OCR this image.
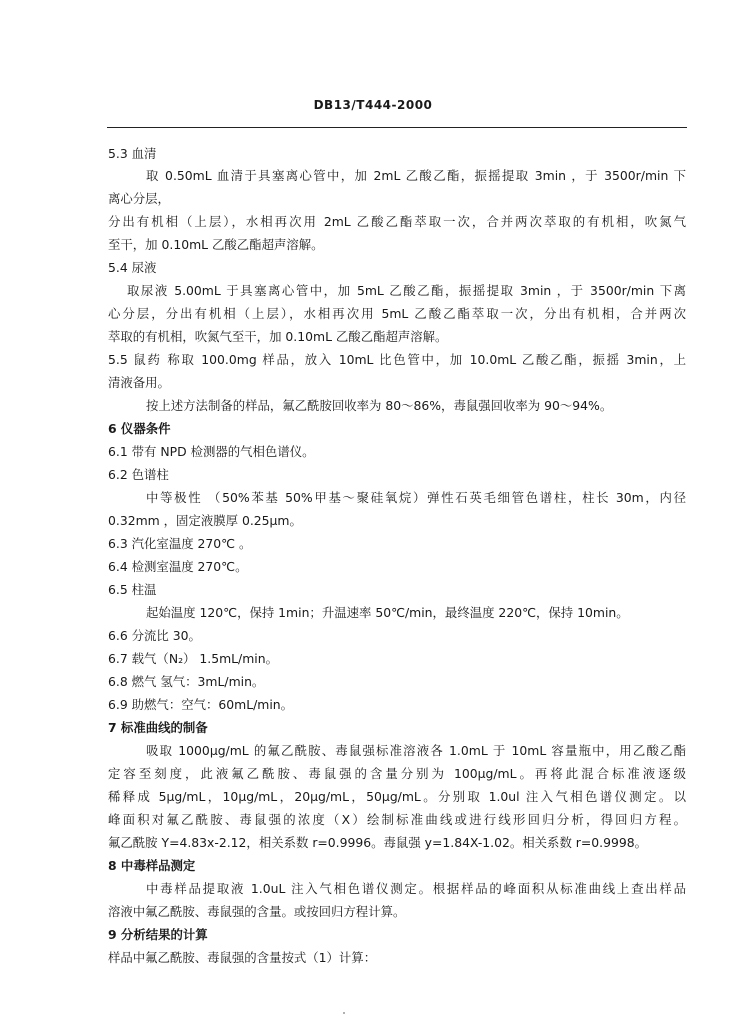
DB13/T444-2000
5.3 血清
取 0.50mL 血清于具塞离心管中，加 2mL 乙酸乙酯，振摇提取 3min ，于 3500r/min 下
离心分层，
分出有机相（上层），水相再次用 2mL 乙酸乙酯萃取一次，合并两次萃取的有机相，吹氮气
至干，加 0.10mL 乙酸乙酯超声溶解。
5.4 尿液
取尿液 5.00mL 于具塞离心管中，加 5mL 乙酸乙酯，振摇提取 3min ，于 3500r/min 下离
心分层，分出有机相（上层），水相再次用 5mL 乙酸乙酯萃取一次，分出有机相，合并两次
萃取的有机相，吹氮气至干，加 0.10mL 乙酸乙酯超声溶解。
5.5 鼠药 称取 100.0mg 样品，放入 10mL 比色管中，加 10.0mL 乙酸乙酯，振摇 3min，上
清液备用。
按上述方法制备的样品，氟乙酰胺回收率为 80～86%，毒鼠强回收率为 90～94%。
6 仪器条件
6.1 带有 NPD 检测器的气相色谱仪。
6.2 色谱柱
中等极性 （50%苯基 50%甲基～聚硅氧烷）弹性石英毛细管色谱柱，柱长 30m，内径
0.32mm ，固定液膜厚 0.25μm。
6.3 汽化室温度 270℃ 。
6.4 检测室温度 270℃。
6.5 柱温
起始温度 120℃，保持 1min；升温速率 50℃/min，最终温度 220℃，保持 10min。
6.6 分流比 30。
6.7 载气（N₂） 1.5mL/min。
6.8 燃气 氢气：3mL/min。
6.9 助燃气：空气：60mL/min。
7 标准曲线的制备
吸取 1000μg/mL 的氟乙酰胺、毒鼠强标准溶液各 1.0mL 于 10mL 容量瓶中，用乙酸乙酯
定容至刻度，此液氟乙酰胺、毒鼠强的含量分别为 100μg/mL。再将此混合标准液逐级
稀释成 5μg/mL，10μg/mL，20μg/mL，50μg/mL。分别取 1.0ul 注入气相色谱仪测定。以
峰面积对氟乙酰胺、毒鼠强的浓度（X）绘制标准曲线或进行线形回归分析，得回归方程。
氟乙酰胺 Y=4.83x-2.12，相关系数 r=0.9996。毒鼠强 y=1.84X-1.02。相关系数 r=0.9998。
8 中毒样品测定
中毒样品提取液 1.0uL 注入气相色谱仪测定。根据样品的峰面积从标准曲线上查出样品
溶液中氟乙酰胺、毒鼠强的含量。或按回归方程计算。
9 分析结果的计算
样品中氟乙酰胺、毒鼠强的含量按式（1）计算：
